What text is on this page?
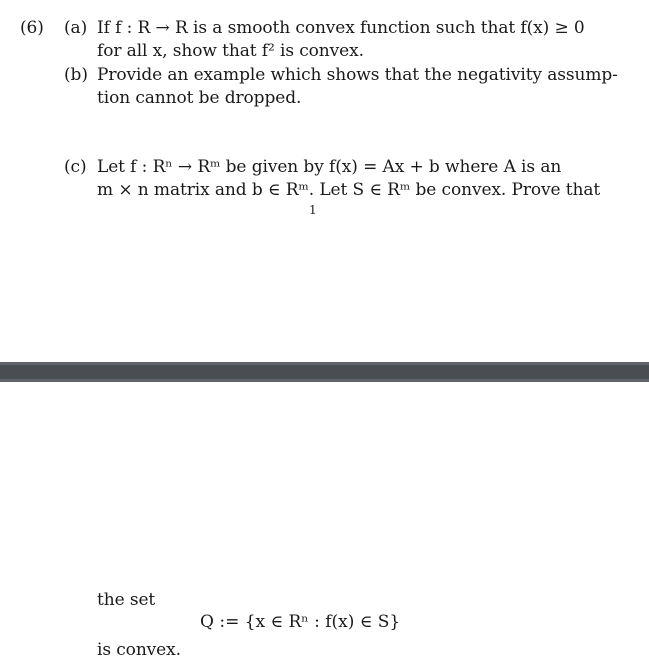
(6) (a) If f : R → R is a smooth convex function such that f(x) ≥ 0
for all x, show that f² is convex.
(b) Provide an example which shows that the negativity assump-
tion cannot be dropped.
(c) Let f : Rⁿ → Rᵐ be given by f(x) = Ax + b where A is an
m × n matrix and b ∈ Rᵐ. Let S ∈ Rᵐ be convex. Prove that
1
the set
Q := {x ∈ Rⁿ : f(x) ∈ S}
is convex.
